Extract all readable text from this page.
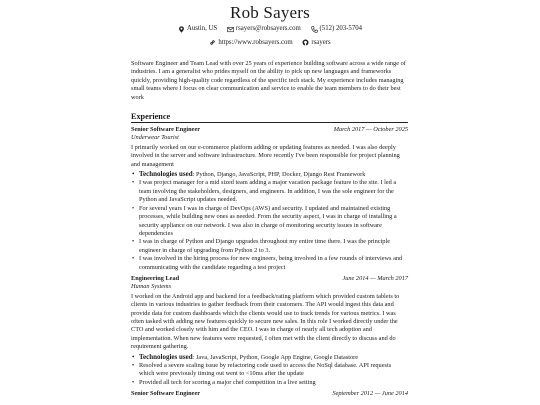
Rob Sayers
Austin, US
	rsayers@robsayers.com
	(512) 203-5704
https://www.robsayers.com
	rsayers
Software Engineer and Team Lead with over 25 years of experience building software across a wide range of industries. I am a generalist who prides myself on the ability to pick up new languages and frameworks quickly, providing high-quality code regardless of the specific tech stack. My experience includes managing small teams where I focus on clear communication and service to enable the team members to do their best work
Experience
Senior Software Engineer	March 2017 — October 2025
Underwear Tourist
I primarily worked on our e-commerce platform adding or updating features as needed. I was also deeply involved in the server and software infrastructure. More recently I've been responsible for project planning and management
• Technologies used: Python, Django, JavaScript, PHP, Docker, Django Rest Framework
• I was project manager for a mid sized team adding a major vacation package feature to the site. I led a team involving the stakeholders, designers, and engineers. In addition, I was the sole engineer for the Python and JavaScript updates needed.
• For several years I was in charge of DevOps (AWS) and security. I updated and maintained existing processes, while building new ones as needed. From the security aspect, I was in charge of installing a security appliance on our network. I was also in charge of monitoring security issues in software dependencies
• I was in charge of Python and Django upgrades throughout my entire time there. I was the principle engineer in charge of upgrading from Python 2 to 3.
• I was involved in the hiring process for new engineers, being involved in a few rounds of interviews and communicating with the candidate regarding a test project
Engineering Lead	June 2014 — March 2017
Human Systems
I worked on the Android app and backend for a feedback/rating platform which provided custom tablets to clients in various industries to gather feedback from their customers. The API would ingest this data and provide data for custom dashboards which the clients would use to track trends for various metrics. I was often tasked with adding new features quickly to secure new sales. In this role I worked directly under the CTO and worked closely with him and the CEO. I was in charge of nearly all tech adoption and implementation. When new features were requested, I often met with the client directly to discuss and do requirement gathering.
• Technologies used: Java, JavaScript, Python, Google App Engine, Google Datastore
• Resolved a severe scaling issue by refactoring code used to access the NoSql database. API requests which were previously timing out went to <10ms after the update
• Provided all tech for scoring a major chef competition in a live setting
Senior Software Engineer	September 2012 — June 2014
